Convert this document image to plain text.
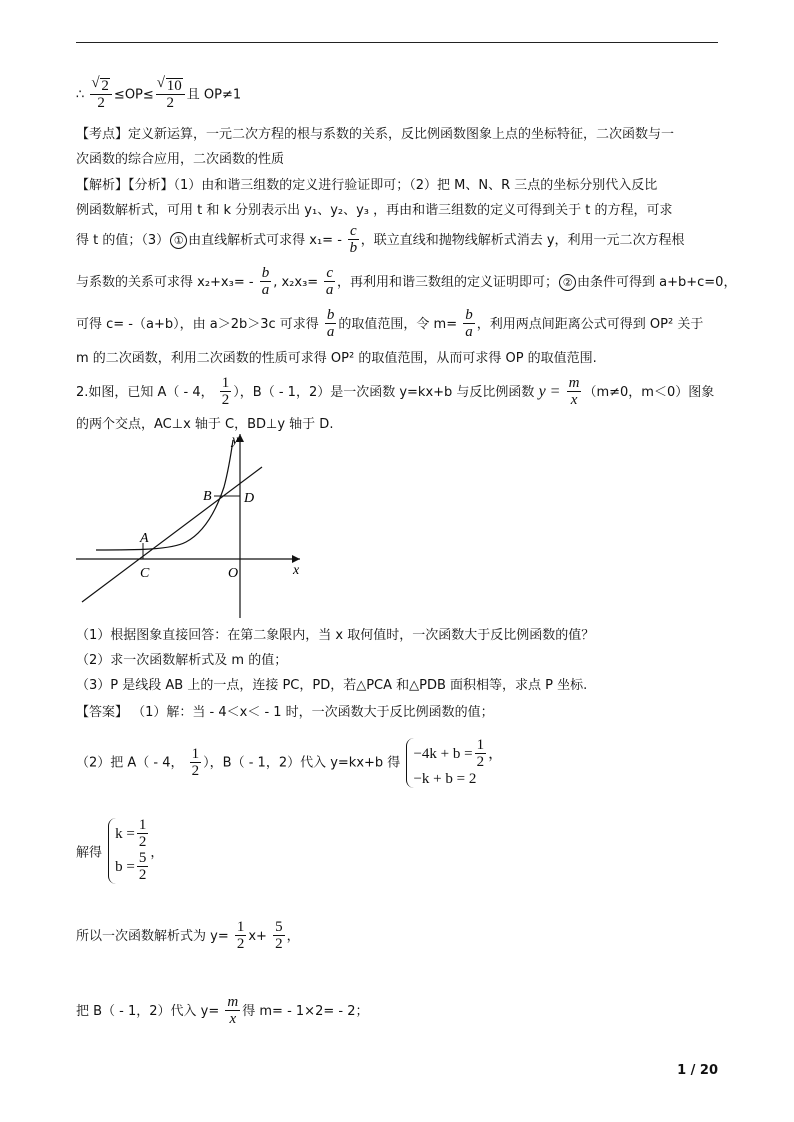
∴ √ $\frac{2}{2} \le OP\le$ √ $\frac{10}{2}$ 且 OP≠1
【考点】定义新运算，一元二次方程的根与系数的关系，反比例函数图象上点的坐标特征，二次函数与一
次函数的综合应用，二次函数的性质
【解析】【分析】（1）由和谐三组数的定义进行验证即可；（2）把 M、N、R 三点的坐标分别代入反比
例函数解析式，可用 t 和 k 分别表示出 y₁、y₂、y₃ ，再由和谐三组数的定义可得到关于 t 的方程，可求
得 t 的值；（3） ① 由直线解析式可求得 $x_1= - \frac{c}{b}$ ，联立直线和抛物线解析式消去 y，利用一元二次方程根
与系数的关系可求得 $x_2+x_3= - \frac{b}{a}$ , $x_2x_3= \frac{c}{a}$ ，再利用和谐三数组的定义证明即可； ② 由条件可得到 a+b+c=0，
可得 c= -（a+b），由 a＞2b＞3c 可求得 $\frac{b}{a}$ 的取值范围，令 $m= \frac{b}{a}$ ，利用两点间距离公式可得到 OP² 关于
m 的二次函数，利用二次函数的性质可求得 OP² 的取值范围，从而可求得 OP 的取值范围.
2.如图，已知 A（ - 4， $\frac{1}{2}$ ），B（ - 1，2）是一次函数 y=kx+b 与反比例函数 $y = \frac{m}{x} (m\ne 0$，m＜0）图象
的两个交点，AC⊥x 轴于 C，BD⊥y 轴于 D.
y
x
A
B
C
D
O
（1）根据图象直接回答：在第二象限内，当 x 取何值时，一次函数大于反比例函数的值？
（2）求一次函数解析式及 m 的值；
（3）P 是线段 AB 上的一点，连接 PC，PD，若△PCA 和△PDB 面积相等，求点 P 坐标.
【答案】 （1）解：当 - 4＜x＜ - 1 时，一次函数大于反比例函数的值；
（2）把 A（ - 4， $\frac{1}{2}$ ），B（ - 1，2）代入 y=kx+b 得
$-4k + b = \frac{1}{2}$ ，
−k + b = 2
解得
$k = \frac{1}{2}$
$b = \frac{5}{2}$ ，
所以一次函数解析式为 $y= \frac{1}{2} x+ \frac{5}{2}$ ，
把 B（ - 1，2）代入 $y= \frac{m}{x}$ 得 m= - 1×2= - 2；
1 / 20
